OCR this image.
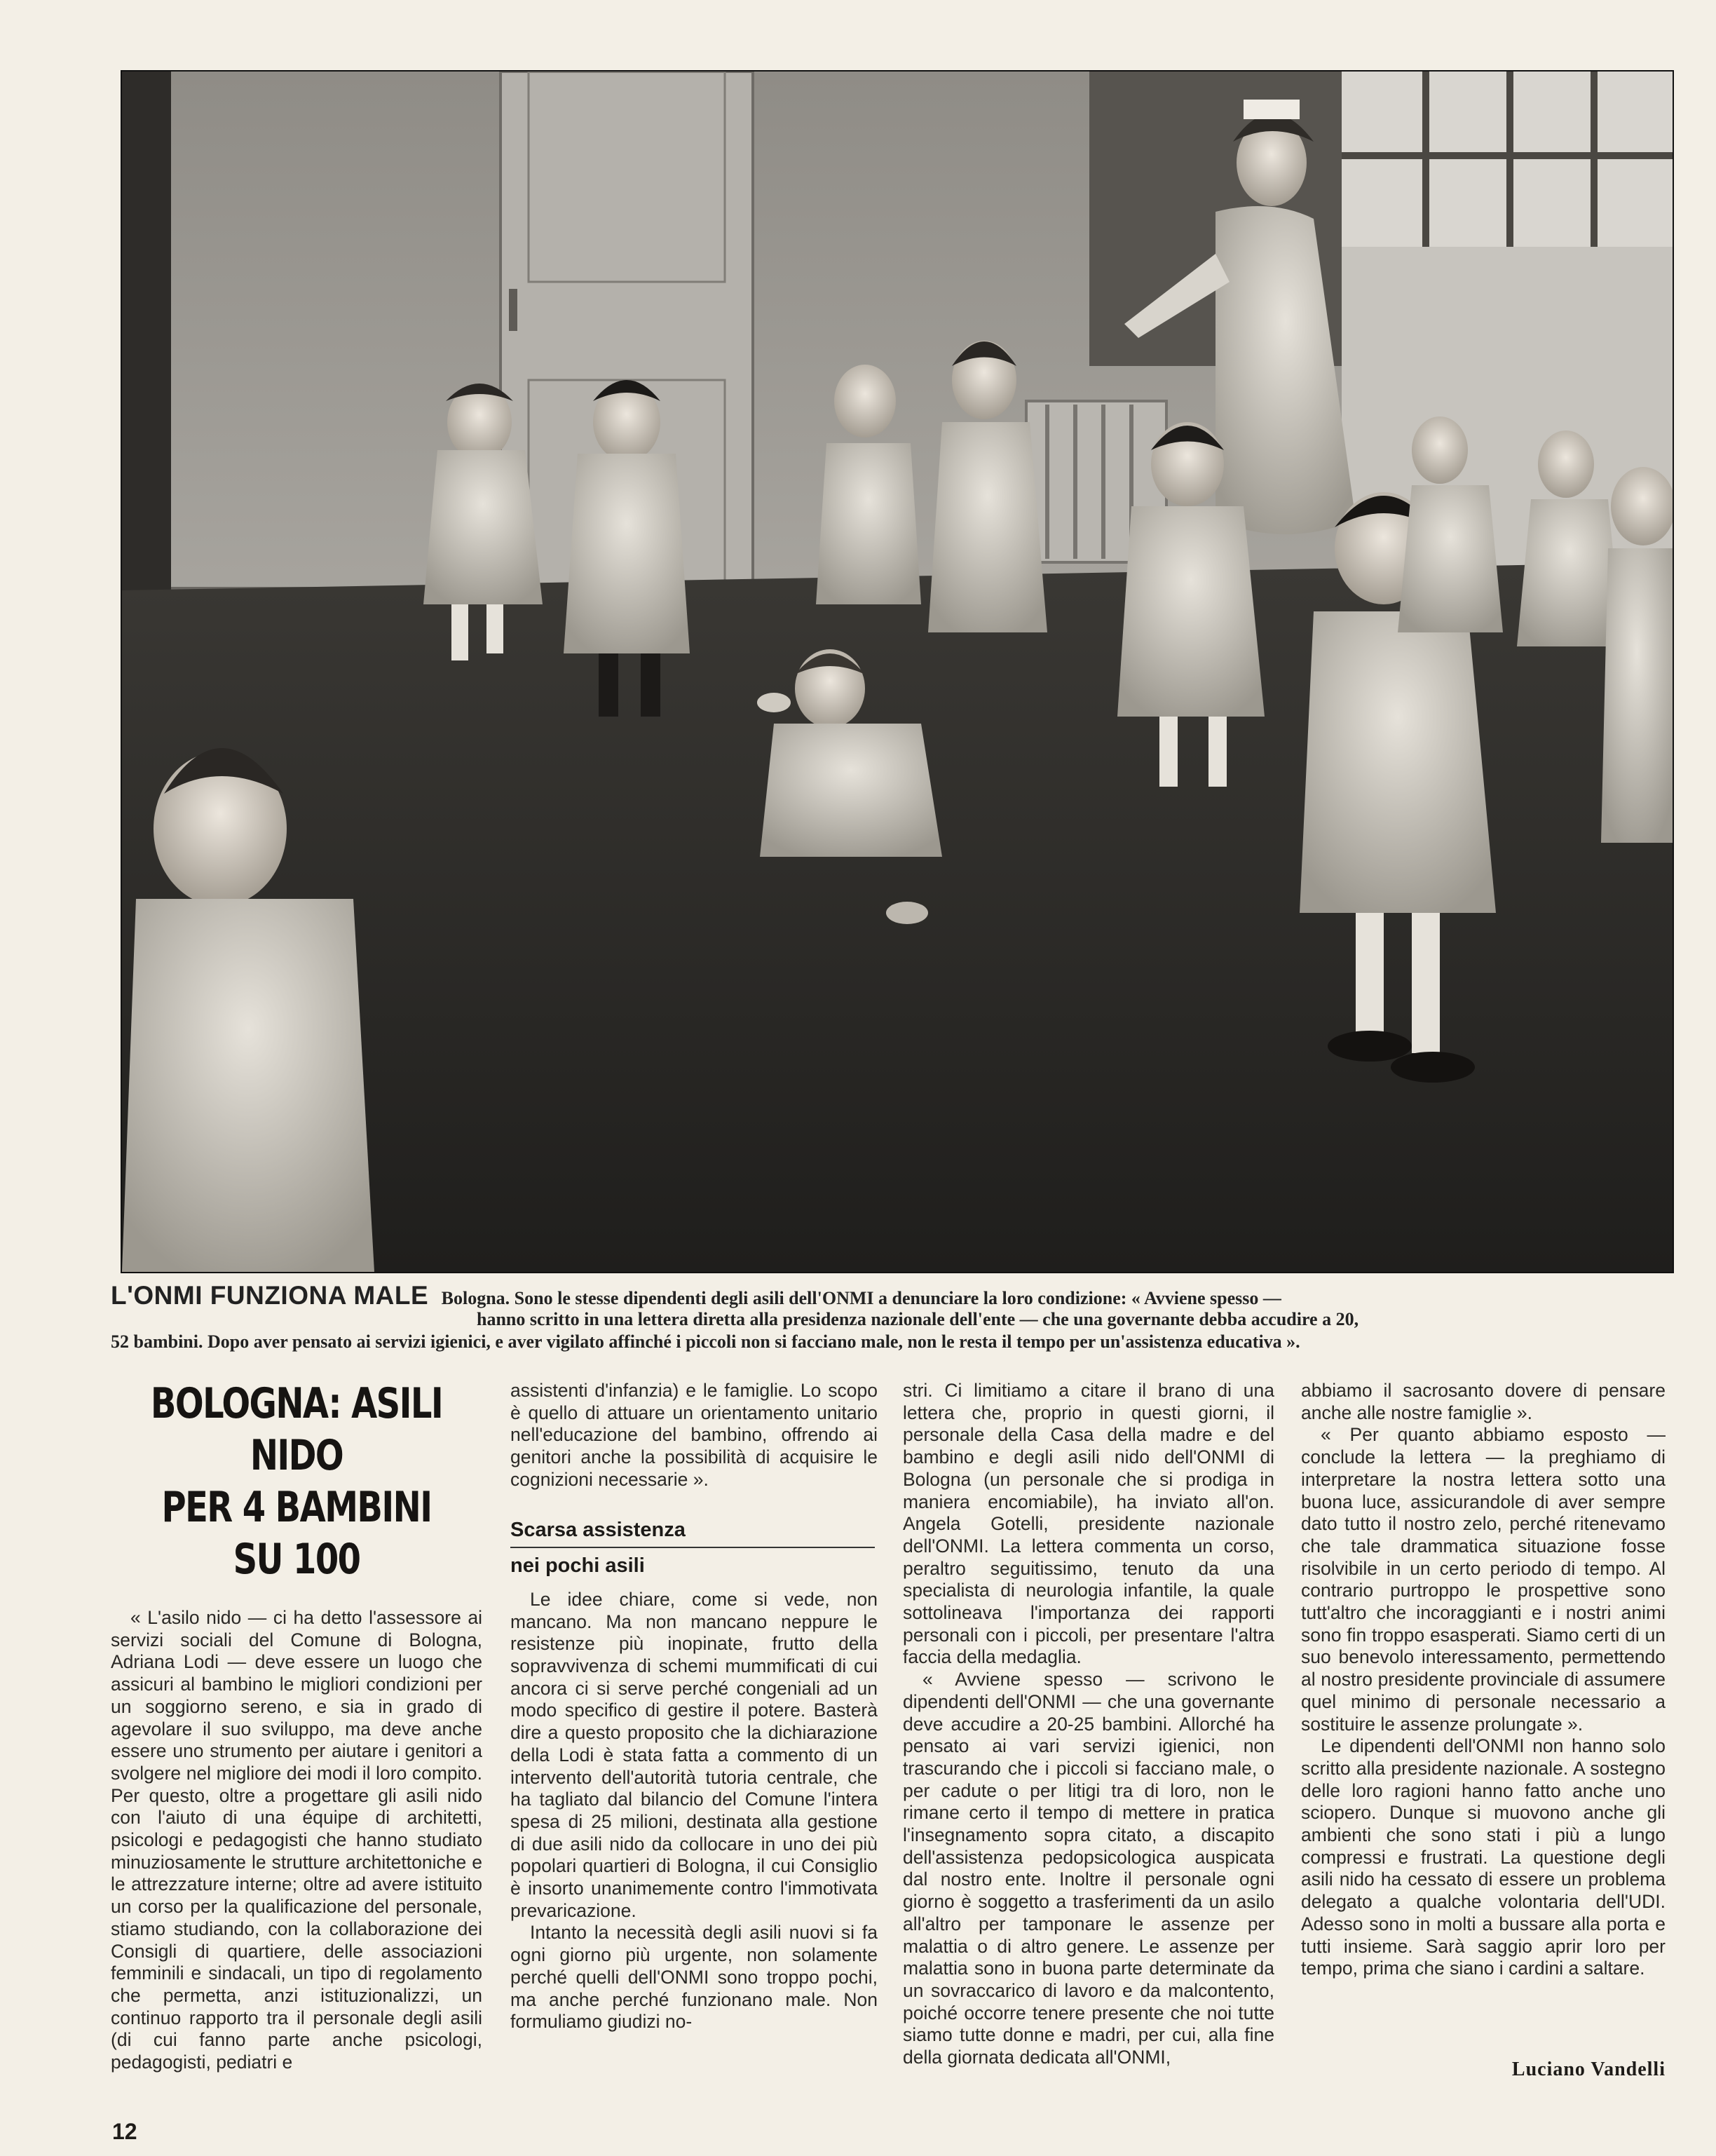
L'ONMI FUNZIONA MALE Bologna. Sono le stesse dipendenti degli asili dell'ONMI a denunciare la loro condizione: « Avviene spesso —
hanno scritto in una lettera diretta alla presidenza nazionale dell'ente — che una governante debba accudire a 20,
52 bambini. Dopo aver pensato ai servizi igienici, e aver vigilato affinché i piccoli non si facciano male, non le resta il tempo per un'assistenza educativa ».
BOLOGNA: ASILI NIDO
PER 4 BAMBINI
SU 100

« L'asilo nido — ci ha detto l'assessore ai servizi sociali del Comune di Bologna, Adriana Lodi — deve essere un luogo che assicuri al bambino le migliori condizioni per un soggiorno sereno, e sia in grado di agevolare il suo sviluppo, ma deve anche essere uno strumento per aiutare i genitori a svolgere nel migliore dei modi il loro compito. Per questo, oltre a progettare gli asili nido con l'aiuto di una équipe di architetti, psicologi e pedagogisti che hanno studiato minuziosamente le strutture architettoniche e le attrezzature interne; oltre ad avere istituito un corso per la qualificazione del personale, stiamo studiando, con la collaborazione dei Consigli di quartiere, delle associazioni femminili e sindacali, un tipo di regolamento che permetta, anzi istituzionalizzi, un continuo rapporto tra il personale degli asili (di cui fanno parte anche psicologi, pedagogisti, pediatri e

assistenti d'infanzia) e le famiglie. Lo scopo è quello di attuare un orientamento unitario nell'educazione del bambino, offrendo ai genitori anche la possibilità di acquisire le cognizioni necessarie ».

Scarsa assistenza
nei pochi asili

Le idee chiare, come si vede, non mancano. Ma non mancano neppure le resistenze più inopinate, frutto della sopravvivenza di schemi mummificati di cui ancora ci si serve perché congeniali ad un modo specifico di gestire il potere. Basterà dire a questo proposito che la dichiarazione della Lodi è stata fatta a commento di un intervento dell'autorità tutoria centrale, che ha tagliato dal bilancio del Comune l'intera spesa di 25 milioni, destinata alla gestione di due asili nido da collocare in uno dei più popolari quartieri di Bologna, il cui Consiglio è insorto unanimemente contro l'immotivata prevaricazione.

Intanto la necessità degli asili nuovi si fa ogni giorno più urgente, non solamente perché quelli dell'ONMI sono troppo pochi, ma anche perché funzionano male. Non formuliamo giudizi no-

stri. Ci limitiamo a citare il brano di una lettera che, proprio in questi giorni, il personale della Casa della madre e del bambino e degli asili nido dell'ONMI di Bologna (un personale che si prodiga in maniera encomiabile), ha inviato all'on. Angela Gotelli, presidente nazionale dell'ONMI. La lettera commenta un corso, peraltro seguitissimo, tenuto da una specialista di neurologia infantile, la quale sottolineava l'importanza dei rapporti personali con i piccoli, per presentare l'altra faccia della medaglia.

« Avviene spesso — scrivono le dipendenti dell'ONMI — che una governante deve accudire a 20-25 bambini. Allorché ha pensato ai vari servizi igienici, non trascurando che i piccoli si facciano male, o per cadute o per litigi tra di loro, non le rimane certo il tempo di mettere in pratica l'insegnamento sopra citato, a discapito dell'assistenza pedopsicologica auspicata dal nostro ente. Inoltre il personale ogni giorno è soggetto a trasferimenti da un asilo all'altro per tamponare le assenze per malattia o di altro genere. Le assenze per malattia sono in buona parte determinate da un sovraccarico di lavoro e da malcontento, poiché occorre tenere presente che noi tutte siamo tutte donne e madri, per cui, alla fine della giornata dedicata all'ONMI,

abbiamo il sacrosanto dovere di pensare anche alle nostre famiglie ».

« Per quanto abbiamo esposto — conclude la lettera — la preghiamo di interpretare la nostra lettera sotto una buona luce, assicurandole di aver sempre dato tutto il nostro zelo, perché ritenevamo che tale drammatica situazione fosse risolvibile in un certo periodo di tempo. Al contrario purtroppo le prospettive sono tutt'altro che incoraggianti e i nostri animi sono fin troppo esasperati. Siamo certi di un suo benevolo interessamento, permettendo al nostro presidente provinciale di assumere quel minimo di personale necessario a sostituire le assenze prolungate ».

Le dipendenti dell'ONMI non hanno solo scritto alla presidente nazionale. A sostegno delle loro ragioni hanno fatto anche uno sciopero. Dunque si muovono anche gli ambienti che sono stati i più a lungo compressi e frustrati. La questione degli asili nido ha cessato di essere un problema delegato a qualche volontaria dell'UDI. Adesso sono in molti a bussare alla porta e tutti insieme. Sarà saggio aprir loro per tempo, prima che siano i cardini a saltare.

Luciano Vandelli
12
